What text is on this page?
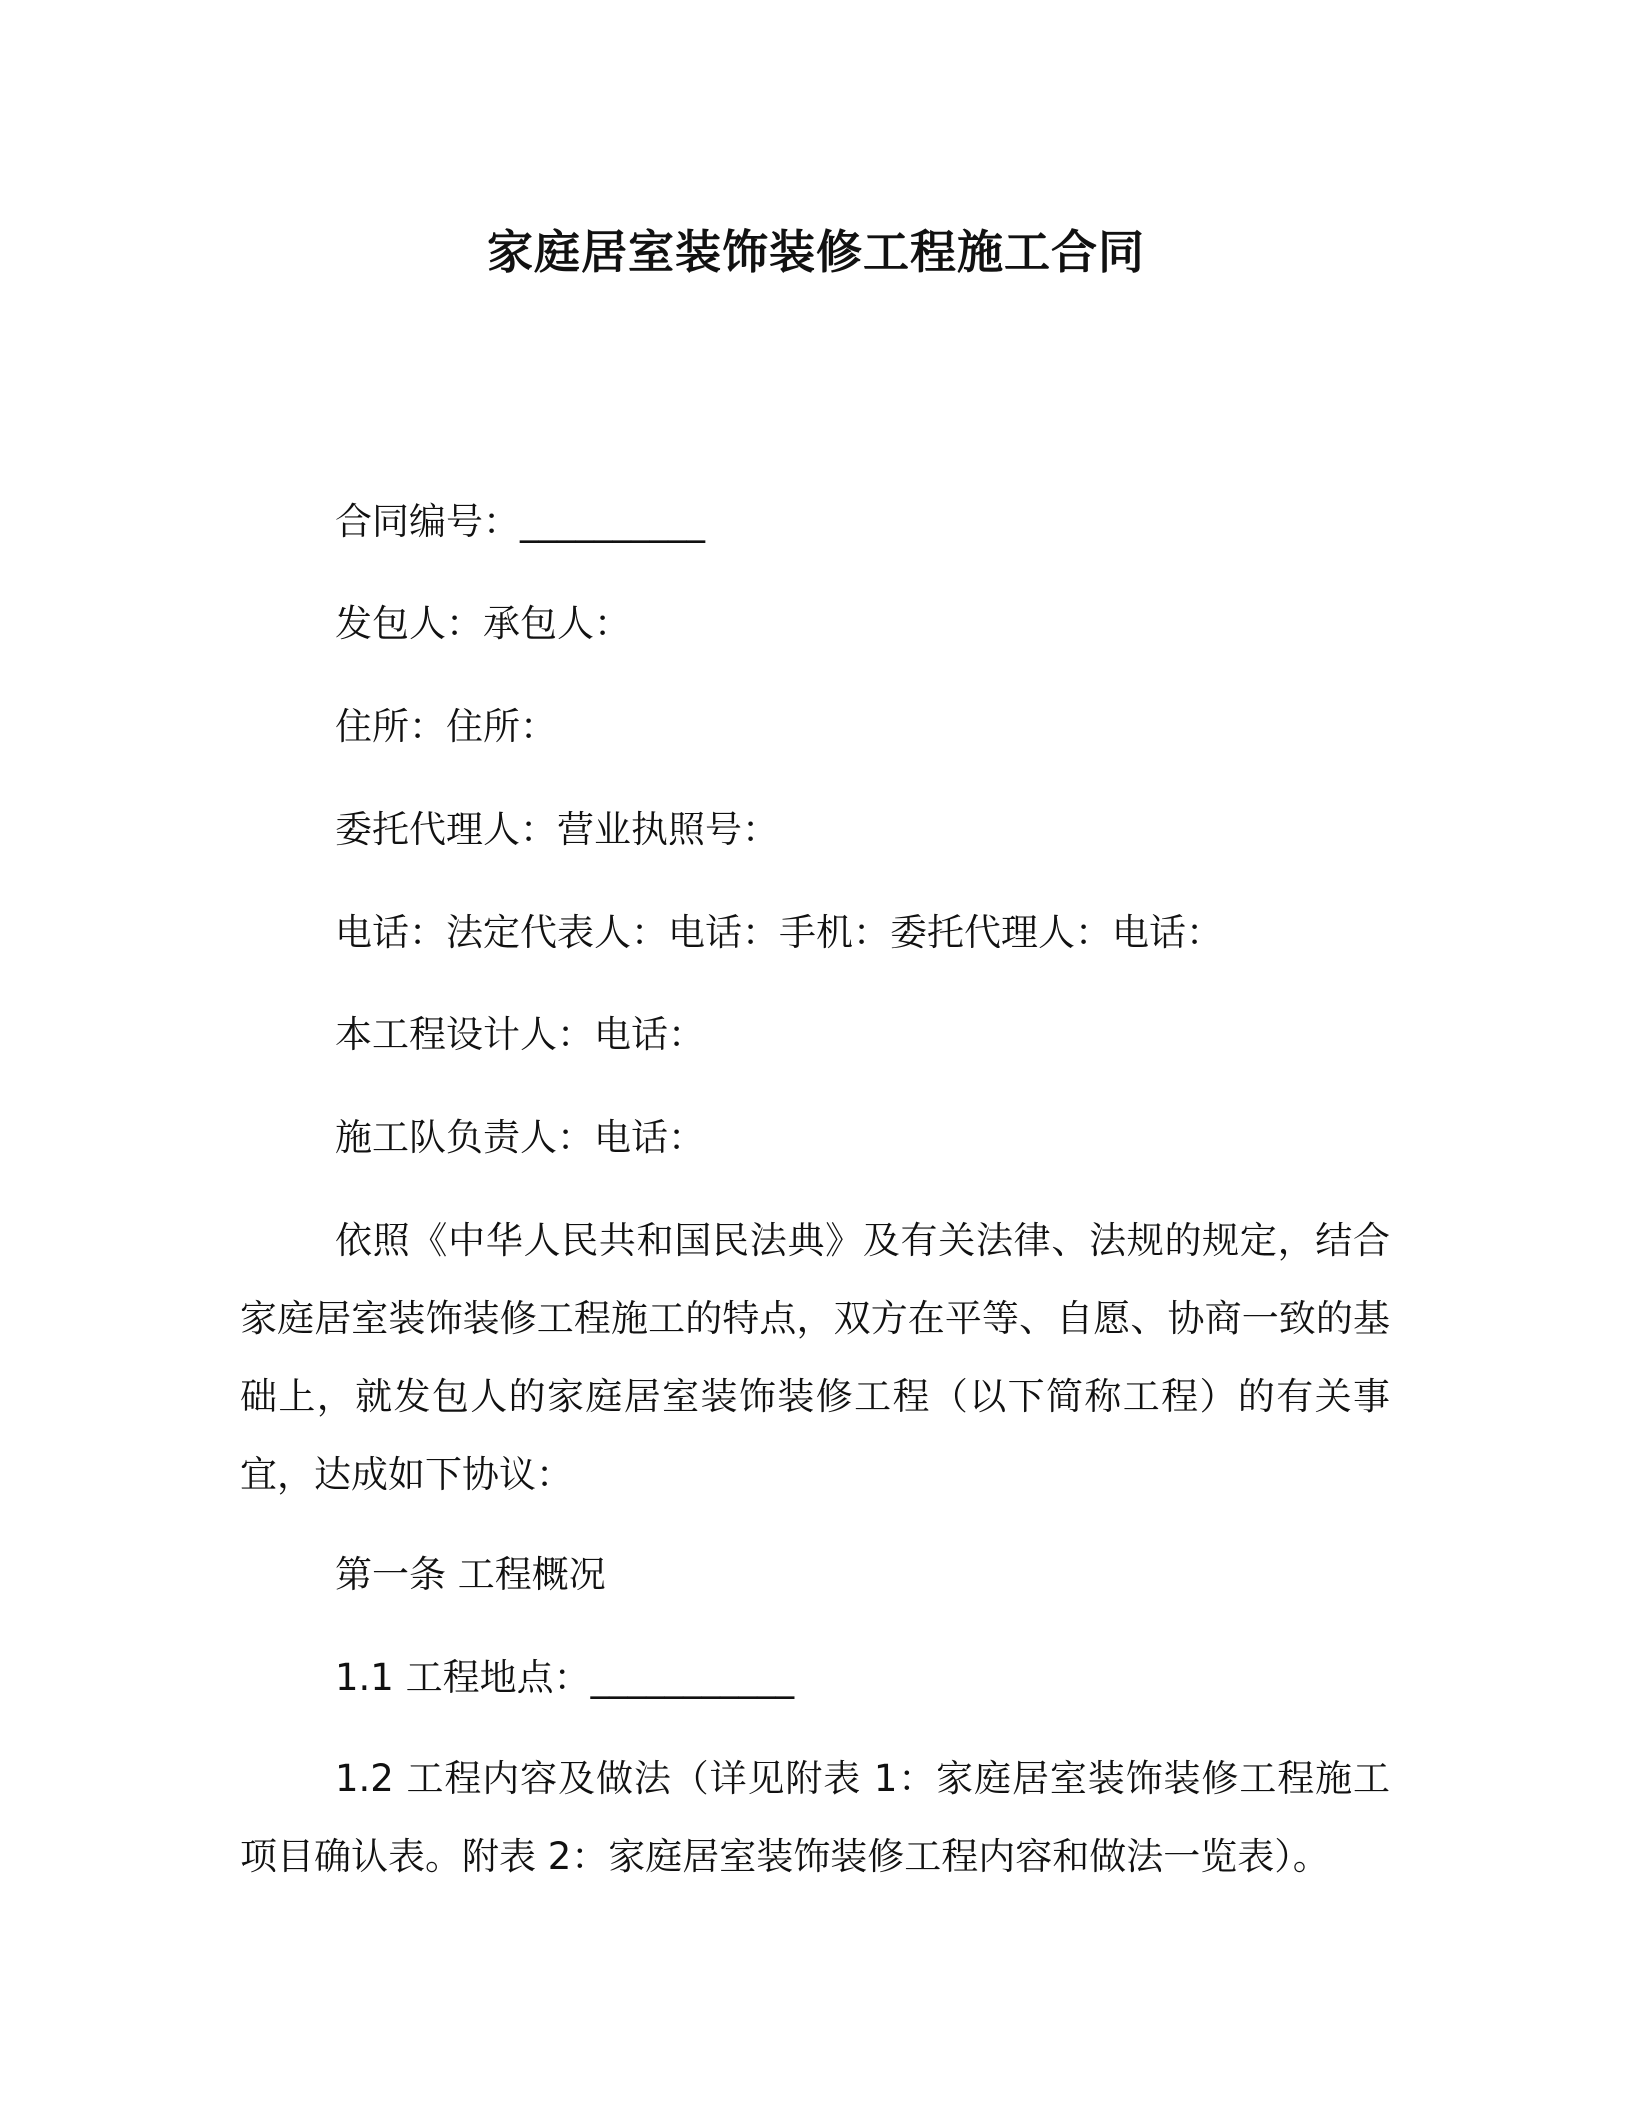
家庭居室装饰装修工程施工合同
合同编号：__________
发包人：承包人：
住所：住所：
委托代理人：营业执照号：
电话：法定代表人：电话：手机：委托代理人：电话：
本工程设计人：电话：
施工队负责人：电话：
依照《中华人民共和国民法典》及有关法律、法规的规定，结合家庭居室装饰装修工程施工的特点，双方在平等、自愿、协商一致的基础上，就发包人的家庭居室装饰装修工程（以下简称工程）的有关事宜，达成如下协议：
第一条 工程概况
1.1 工程地点：___________
1.2 工程内容及做法（详见附表 1：家庭居室装饰装修工程施工项目确认表。附表 2：家庭居室装饰装修工程内容和做法一览表）。
